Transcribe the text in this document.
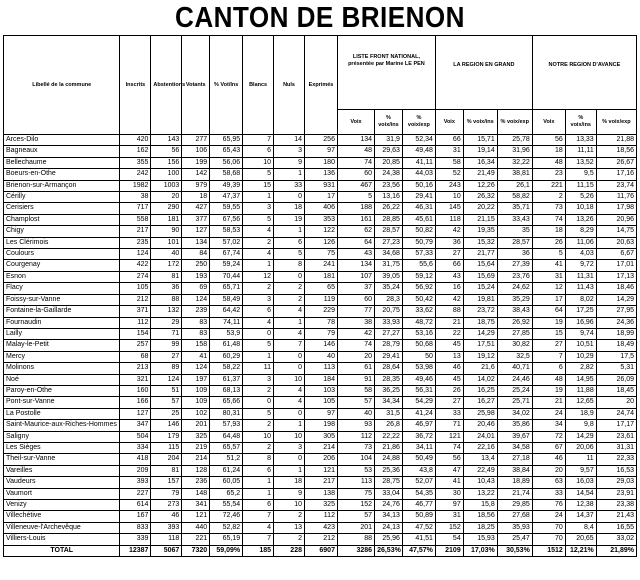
CANTON DE BRIENON
Libellé de la commune	Inscrits	Abstentions	Votants	% Vot/Ins	Blancs	Nuls	Exprimés	LISTE FRONT NATIONAL, présentée par Marine LE PEN			LA REGION EN GRAND			NOTRE REGION D'AVANCE		
								Voix	% voix/ins	% voix/exp	Voix	% voix/ins	% voix/exp	Voix	% voix/ins	% voix/exp
Arces-Dilo	420	143	277	65,95	7	14	256	134	31,9	52,34	66	15,71	25,78	56	13,33	21,88
Bagneaux	162	56	106	65,43	6	3	97	48	29,63	49,48	31	19,14	31,96	18	11,11	18,56
Bellechaume	355	156	199	56,06	10	9	180	74	20,85	41,11	58	16,34	32,22	48	13,52	26,67
Boeurs-en-Othe	242	100	142	58,68	5	1	136	60	24,38	44,03	52	21,49	38,81	23	9,5	17,16
Brienon-sur-Armançon	1982	1003	979	49,39	15	33	931	467	23,56	50,16	243	12,26	26,1	221	11,15	23,74
Cérilly	38	20	18	47,37	1	0	17	5	13,16	29,41	10	26,32	58,82	2	5,26	11,76
Cerisiers	717	290	427	59,55	3	18	406	188	26,22	46,31	145	20,22	35,71	73	10,18	17,98
Champlost	558	181	377	67,56	5	19	353	161	28,85	45,61	118	21,15	33,43	74	13,26	20,96
Chigy	217	90	127	58,53	4	1	122	62	28,57	50,82	42	19,35	35	18	8,29	14,75
Les Clérimois	235	101	134	57,02	2	6	126	64	27,23	50,79	36	15,32	28,57	26	11,06	20,63
Coulours	124	40	84	67,74	4	5	75	43	34,68	57,33	27	21,77	36	5	4,03	6,67
Courgenay	422	172	250	59,24	1	8	241	134	31,75	55,6	66	15,64	27,39	41	9,72	17,01
Esnon	274	81	193	70,44	12	0	181	107	39,05	59,12	43	15,69	23,76	31	11,31	17,13
Flacy	105	36	69	65,71	2	2	65	37	35,24	56,92	16	15,24	24,62	12	11,43	18,46
Foissy-sur-Vanne	212	88	124	58,49	3	2	119	60	28,3	50,42	42	19,81	35,29	17	8,02	14,29
Fontaine-la-Gaillarde	371	132	239	64,42	6	4	229	77	20,75	33,62	88	23,72	38,43	64	17,25	27,95
Fournaudin	112	29	83	74,11	4	1	78	38	33,93	48,72	21	18,75	26,92	19	16,96	24,36
Lailly	154	71	83	53,9	0	4	79	42	27,27	53,16	22	14,29	27,85	15	9,74	18,99
Malay-le-Petit	257	99	158	61,48	5	7	146	74	28,79	50,68	45	17,51	30,82	27	10,51	18,49
Mercy	68	27	41	60,29	1	0	40	20	29,41	50	13	19,12	32,5	7	10,29	17,5
Molinons	213	89	124	58,22	11	0	113	61	28,64	53,98	46	21,6	40,71	6	2,82	5,31
Noé	321	124	197	61,37	3	10	184	91	28,35	49,46	45	14,02	24,46	48	14,95	26,09
Paroy-en-Othe	160	51	109	68,13	2	4	103	58	36,25	56,31	26	16,25	25,24	19	11,88	18,45
Pont-sur-Vanne	166	57	109	65,66	0	4	105	57	34,34	54,29	27	16,27	25,71	21	12,65	20
La Postolle	127	25	102	80,31	5	0	97	40	31,5	41,24	33	25,98	34,02	24	18,9	24,74
Saint-Maurice-aux-Riches-Hommes	347	146	201	57,93	2	1	198	93	26,8	46,97	71	20,46	35,86	34	9,8	17,17
Saligny	504	179	325	64,48	10	10	305	112	22,22	36,72	121	24,01	39,67	72	14,29	23,61
Les Sièges	334	115	219	65,57	2	3	214	73	21,86	34,11	74	22,16	34,58	67	20,06	31,31
Theil-sur-Vanne	418	204	214	51,2	8	0	206	104	24,88	50,49	56	13,4	27,18	46	11	22,33
Vareilles	209	81	128	61,24	6	1	121	53	25,36	43,8	47	22,49	38,84	20	9,57	16,53
Vaudeurs	393	157	236	60,05	1	18	217	113	28,75	52,07	41	10,43	18,89	63	16,03	29,03
Vaumort	227	79	148	65,2	1	9	138	75	33,04	54,35	30	13,22	21,74	33	14,54	23,91
Venizy	614	273	341	55,54	6	10	325	152	24,76	46,77	97	15,8	29,85	76	12,38	23,38
Villechétive	167	46	121	72,46	7	2	112	57	34,13	50,89	31	18,56	27,68	24	14,37	21,43
Villeneuve-l'Archevêque	833	393	440	52,82	4	13	423	201	24,13	47,52	152	18,25	35,93	70	8,4	16,55
Villiers-Louis	339	118	221	65,19	7	2	212	88	25,96	41,51	54	15,93	25,47	70	20,65	33,02
TOTAL	12387	5067	7320	59,09%	185	228	6907	3286	26,53%	47,57%	2109	17,03%	30,53%	1512	12,21%	21,89%
